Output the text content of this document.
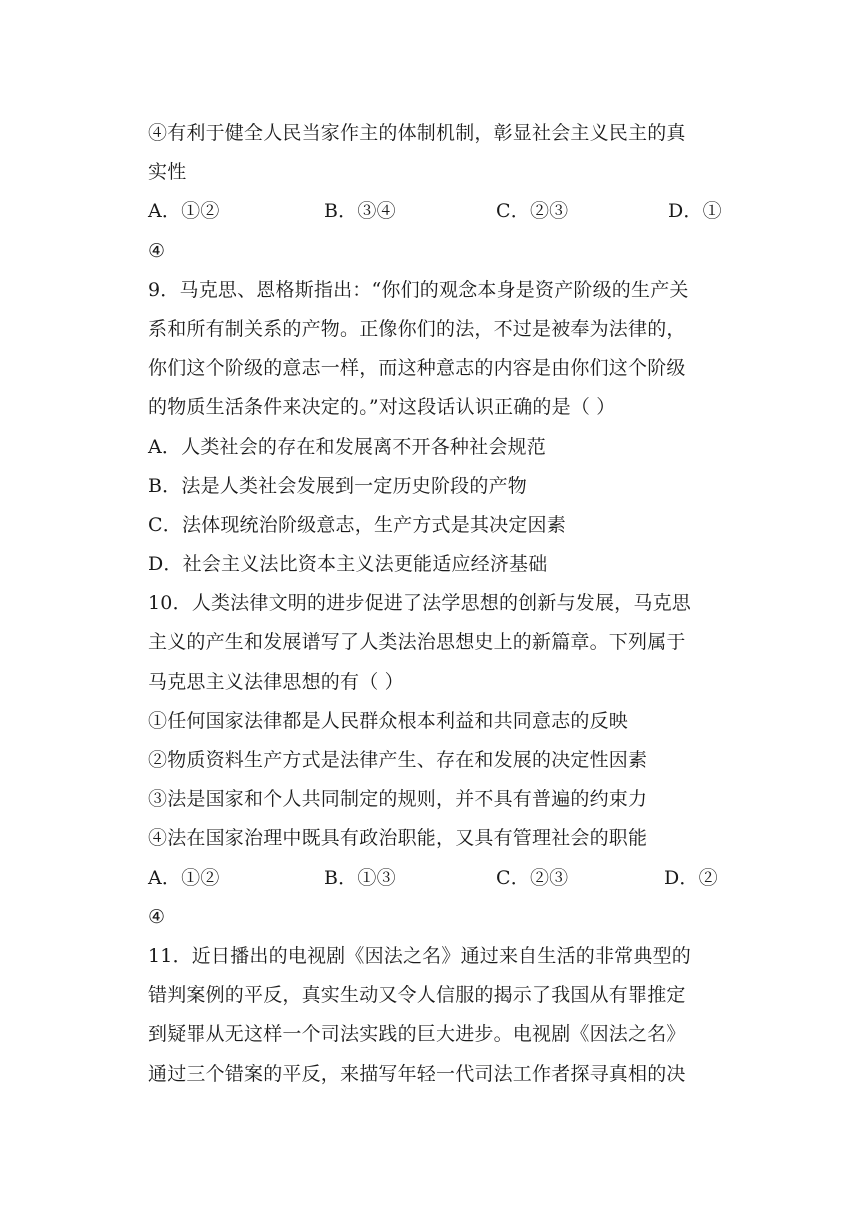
④有利于健全人民当家作主的体制机制，彰显社会主义民主的真
实性
A．①②	B．③④	C．②③	D．①
④
9．马克思、恩格斯指出：“你们的观念本身是资产阶级的生产关
系和所有制关系的产物。正像你们的法，不过是被奉为法律的，
你们这个阶级的意志一样，而这种意志的内容是由你们这个阶级
的物质生活条件来决定的。”对这段话认识正确的是（ ）
A．人类社会的存在和发展离不开各种社会规范
B．法是人类社会发展到一定历史阶段的产物
C．法体现统治阶级意志，生产方式是其决定因素
D．社会主义法比资本主义法更能适应经济基础
10．人类法律文明的进步促进了法学思想的创新与发展，马克思
主义的产生和发展谱写了人类法治思想史上的新篇章。下列属于
马克思主义法律思想的有（ ）
①任何国家法律都是人民群众根本利益和共同意志的反映
②物质资料生产方式是法律产生、存在和发展的决定性因素
③法是国家和个人共同制定的规则，并不具有普遍的约束力
④法在国家治理中既具有政治职能，又具有管理社会的职能
A．①②	B．①③	C．②③	D．②
④
11．近日播出的电视剧《因法之名》通过来自生活的非常典型的
错判案例的平反，真实生动又令人信服的揭示了我国从有罪推定
到疑罪从无这样一个司法实践的巨大进步。电视剧《因法之名》
通过三个错案的平反，来描写年轻一代司法工作者探寻真相的决
